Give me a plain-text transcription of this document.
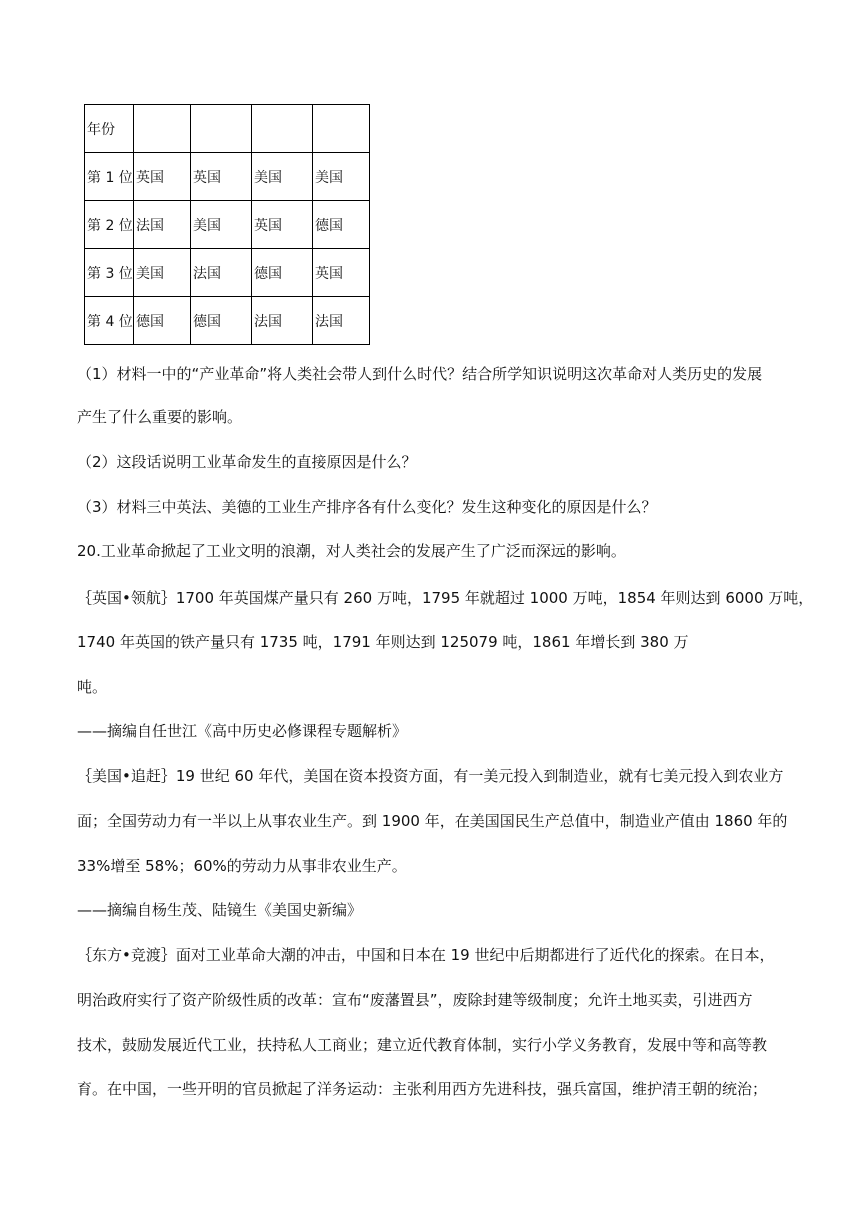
年份				
第 1 位	英国	英国	美国	美国
第 2 位	法国	美国	英国	德国
第 3 位	美国	法国	德国	英国
第 4 位	德国	德国	法国	法国
（1）材料一中的“产业革命”将人类社会带人到什么时代？结合所学知识说明这次革命对人类历史的发展
产生了什么重要的影响。
（2）这段话说明工业革命发生的直接原因是什么？
（3）材料三中英法、美德的工业生产排序各有什么变化？发生这种变化的原因是什么？
20.工业革命掀起了工业文明的浪潮，对人类社会的发展产生了广泛而深远的影响。
｛英国•领航｝1700 年英国煤产量只有 260 万吨，1795 年就超过 1000 万吨，1854 年则达到 6000 万吨，
1740 年英国的铁产量只有 1735 吨，1791 年则达到 125079 吨，1861 年增长到 380 万
吨。
——摘编自任世江《高中历史必修课程专题解析》
｛美国•追赶｝19 世纪 60 年代，美国在资本投资方面，有一美元投入到制造业，就有七美元投入到农业方
面；全国劳动力有一半以上从事农业生产。到 1900 年，在美国国民生产总值中，制造业产值由 1860 年的
33%增至 58%；60%的劳动力从事非农业生产。
——摘编自杨生茂、陆镜生《美国史新编》
｛东方•竞渡｝面对工业革命大潮的冲击，中国和日本在 19 世纪中后期都进行了近代化的探索。在日本，
明治政府实行了资产阶级性质的改革：宣布“废藩置县”，废除封建等级制度；允许土地买卖，引进西方
技术，鼓励发展近代工业，扶持私人工商业；建立近代教育体制，实行小学义务教育，发展中等和高等教
育。在中国，一些开明的官员掀起了洋务运动：主张利用西方先进科技，强兵富国，维护清王朝的统治；
